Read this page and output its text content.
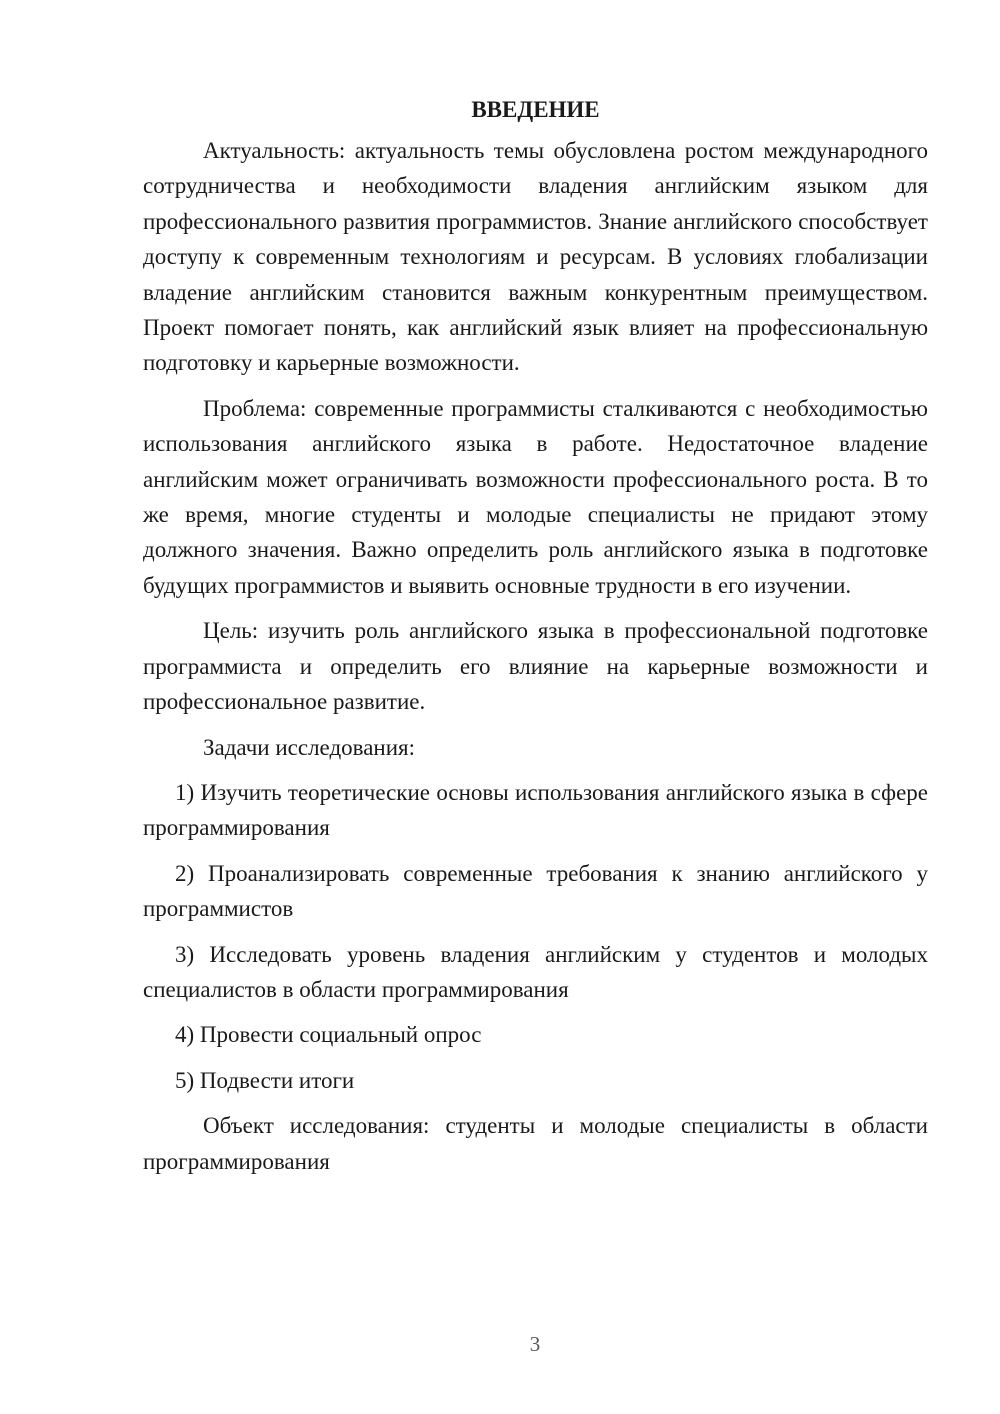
ВВЕДЕНИЕ

Актуальность: актуальность темы обусловлена ростом международного сотрудничества и необходимости владения английским языком для профессионального развития программистов. Знание английского способствует доступу к современным технологиям и ресурсам. В условиях глобализации владение английским становится важным конкурентным преимуществом. Проект помогает понять, как английский язык влияет на профессиональную подготовку и карьерные возможности.

Проблема: современные программисты сталкиваются с необходимостью использования английского языка в работе. Недостаточное владение английским может ограничивать возможности профессионального роста. В то же время, многие студенты и молодые специалисты не придают этому должного значения. Важно определить роль английского языка в подготовке будущих программистов и выявить основные трудности в его изучении.

Цель: изучить роль английского языка в профессиональной подготовке программиста и определить его влияние на карьерные возможности и профессиональное развитие.

Задачи исследования:

1) Изучить теоретические основы использования английского языка в сфере программирования

2) Проанализировать современные требования к знанию английского у программистов

3) Исследовать уровень владения английским у студентов и молодых специалистов в области программирования

4) Провести социальный опрос

5) Подвести итоги

Объект исследования: студенты и молодые специалисты в области программирования

3
